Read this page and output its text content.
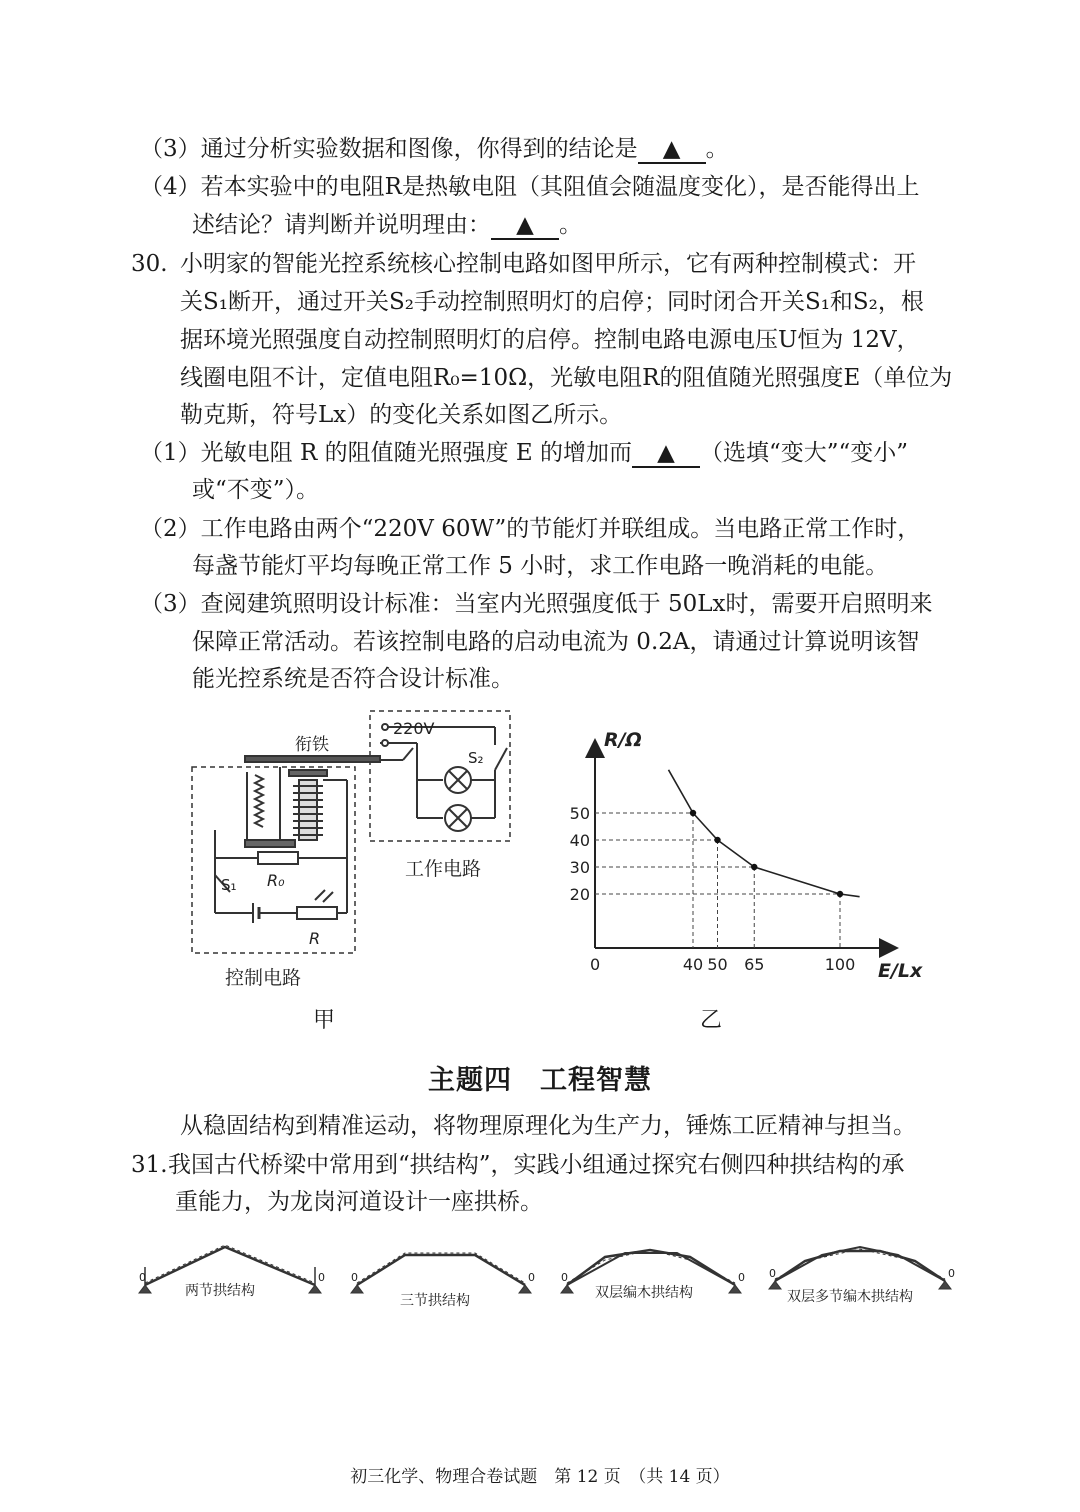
（3）通过分析实验数据和图像，你得到的结论是 ▲ 。
（4）若本实验中的电阻R是热敏电阻（其阻值会随温度变化），是否能得出上
述结论？请判断并说明理由： ▲ 。
30. 小明家的智能光控系统核心控制电路如图甲所示，它有两种控制模式：开
关S₁断开，通过开关S₂手动控制照明灯的启停；同时闭合开关S₁和S₂，根
据环境光照强度自动控制照明灯的启停。控制电路电源电压U恒为 12V，
线圈电阻不计，定值电阻R₀=10Ω，光敏电阻R的阻值随光照强度E（单位为
勒克斯，符号Lx）的变化关系如图乙所示。
（1）光敏电阻 R 的阻值随光照强度 E 的增加而 ▲ （选填“变大”“变小”
或“不变”）。
（2）工作电路由两个“220V 60W”的节能灯并联组成。当电路正常工作时，
每盏节能灯平均每晚正常工作 5 小时，求工作电路一晚消耗的电能。
（3）查阅建筑照明设计标准：当室内光照强度低于 50Lx时，需要开启照明来
保障正常活动。若该控制电路的启动电流为 0.2A，请通过计算说明该智
能光控系统是否符合设计标准。
衔铁
220V
S₂
S₁ R₀
R
工作电路
控制电路
甲
40 50 65	100
50
40
30
20
R/Ω
E/Lx
0
乙
主题四　工程智慧
从稳固结构到精准运动，将物理原理化为生产力，锤炼工匠精神与担当。
31. 我国古代桥梁中常用到“拱结构”，实践小组通过探究右侧四种拱结构的承
重能力，为龙岗河道设计一座拱桥。
0	0 0	0 0	0 0	0
两节拱结构
三节拱结构	双层编木拱结构	双层多节编木拱结构
初三化学、物理合卷试题　第 12 页　（共 14 页）
